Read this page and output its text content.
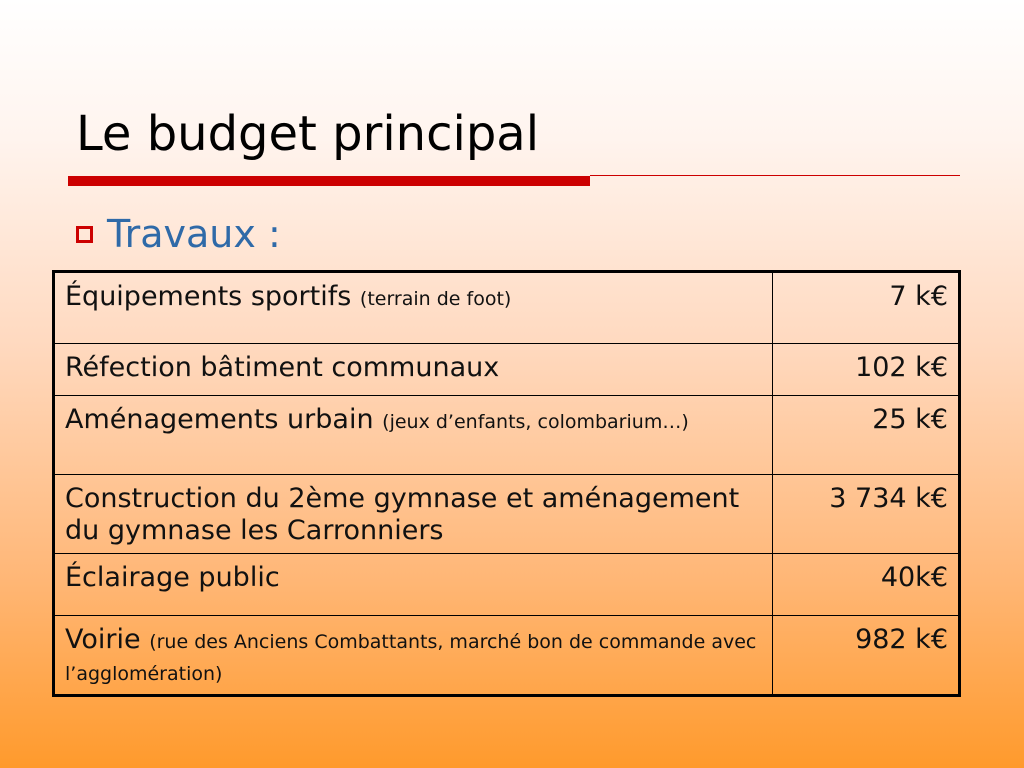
Le budget principal
Travaux :
Équipements sportifs (terrain de foot)	7 k€
Réfection bâtiment communaux	102 k€
Aménagements urbain (jeux d’enfants, colombarium…)	25 k€
Construction du 2ème gymnase et aménagement du gymnase les Carronniers	3 734 k€
Éclairage public	40k€
Voirie (rue des Anciens Combattants, marché bon de commande avec l’agglomération)	982 k€
